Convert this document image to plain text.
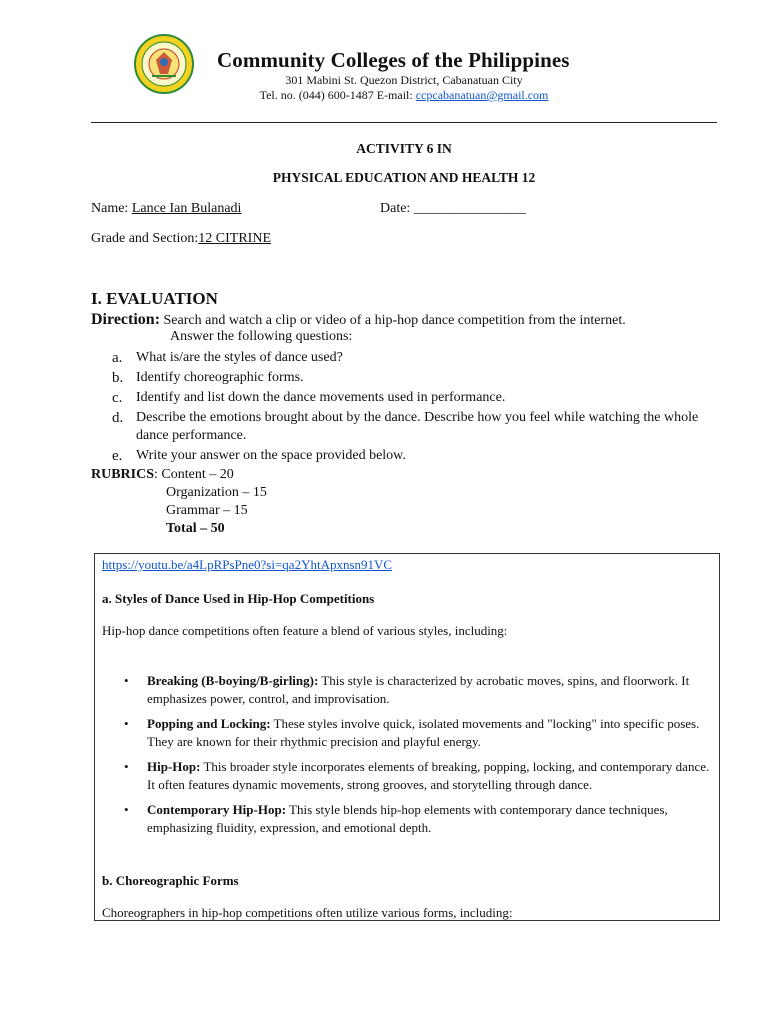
Community Colleges of the Philippines
301 Mabini St. Quezon District, Cabanatuan City
Tel. no. (044) 600-1487 E-mail: ccpcabanatuan@gmail.com
ACTIVITY 6 IN
PHYSICAL EDUCATION AND HEALTH 12
Name: Lance Ian Bulanadi	Date: ________________
Grade and Section:12 CITRINE
I. EVALUATION
Direction: Search and watch a clip or video of a hip-hop dance competition from the internet.
Answer the following questions:
a. What is/are the styles of dance used?
b. Identify choreographic forms.
c. Identify and list down the dance movements used in performance.
d. Describe the emotions brought about by the dance. Describe how you feel while watching the whole dance performance.
e. Write your answer on the space provided below.
RUBRICS: Content – 20
Organization – 15
Grammar – 15
Total – 50
https://youtu.be/a4LpRPsPne0?si=qa2YhtApxnsn91VC
a. Styles of Dance Used in Hip-Hop Competitions
Hip-hop dance competitions often feature a blend of various styles, including:
• Breaking (B-boying/B-girling): This style is characterized by acrobatic moves, spins, and floorwork. It emphasizes power, control, and improvisation.
• Popping and Locking: These styles involve quick, isolated movements and "locking" into specific poses. They are known for their rhythmic precision and playful energy.
• Hip-Hop: This broader style incorporates elements of breaking, popping, locking, and contemporary dance. It often features dynamic movements, strong grooves, and storytelling through dance.
• Contemporary Hip-Hop: This style blends hip-hop elements with contemporary dance techniques, emphasizing fluidity, expression, and emotional depth.
b. Choreographic Forms
Choreographers in hip-hop competitions often utilize various forms, including:
